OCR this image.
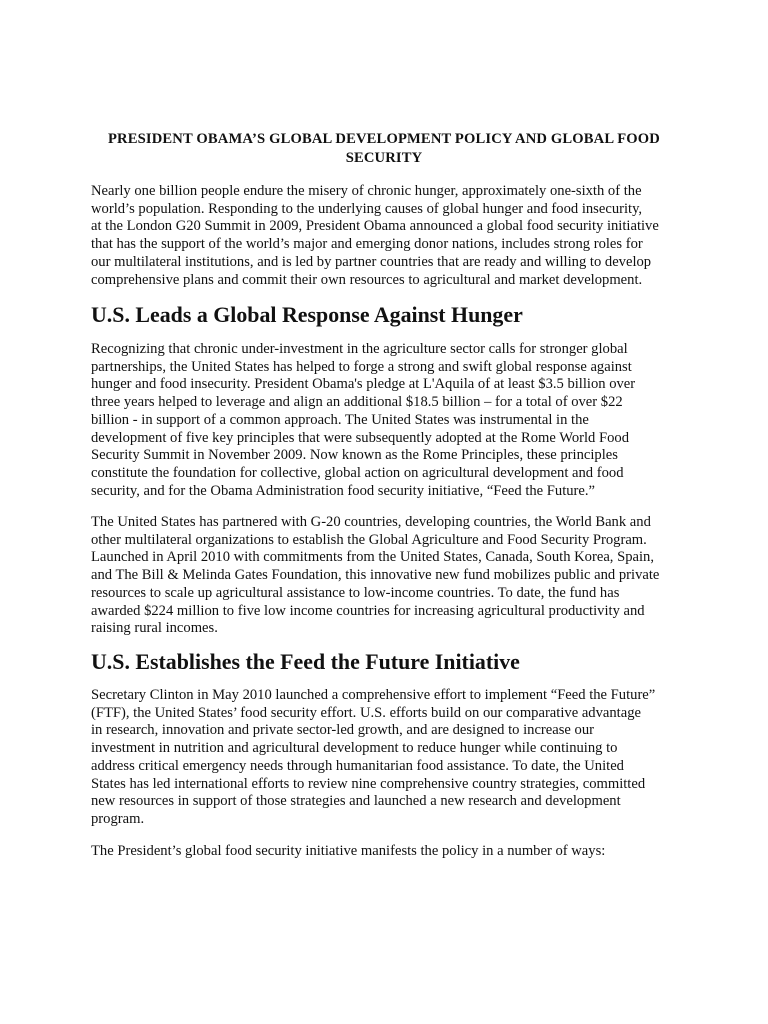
PRESIDENT OBAMA’S GLOBAL DEVELOPMENT POLICY AND GLOBAL FOOD
SECURITY

Nearly one billion people endure the misery of chronic hunger, approximately one-sixth of the
world’s population. Responding to the underlying causes of global hunger and food insecurity,
at the London G20 Summit in 2009, President Obama announced a global food security initiative
that has the support of the world’s major and emerging donor nations, includes strong roles for
our multilateral institutions, and is led by partner countries that are ready and willing to develop
comprehensive plans and commit their own resources to agricultural and market development.

U.S. Leads a Global Response Against Hunger

Recognizing that chronic under-investment in the agriculture sector calls for stronger global
partnerships, the United States has helped to forge a strong and swift global response against
hunger and food insecurity. President Obama's pledge at L'Aquila of at least $3.5 billion over
three years helped to leverage and align an additional $18.5 billion – for a total of over $22
billion - in support of a common approach. The United States was instrumental in the
development of five key principles that were subsequently adopted at the Rome World Food
Security Summit in November 2009. Now known as the Rome Principles, these principles
constitute the foundation for collective, global action on agricultural development and food
security, and for the Obama Administration food security initiative, “Feed the Future.”

The United States has partnered with G-20 countries, developing countries, the World Bank and
other multilateral organizations to establish the Global Agriculture and Food Security Program.
Launched in April 2010 with commitments from the United States, Canada, South Korea, Spain,
and The Bill & Melinda Gates Foundation, this innovative new fund mobilizes public and private
resources to scale up agricultural assistance to low-income countries. To date, the fund has
awarded $224 million to five low income countries for increasing agricultural productivity and
raising rural incomes.

U.S. Establishes the Feed the Future Initiative

Secretary Clinton in May 2010 launched a comprehensive effort to implement “Feed the Future”
(FTF), the United States’ food security effort. U.S. efforts build on our comparative advantage
in research, innovation and private sector-led growth, and are designed to increase our
investment in nutrition and agricultural development to reduce hunger while continuing to
address critical emergency needs through humanitarian food assistance. To date, the United
States has led international efforts to review nine comprehensive country strategies, committed
new resources in support of those strategies and launched a new research and development
program.

The President’s global food security initiative manifests the policy in a number of ways:
